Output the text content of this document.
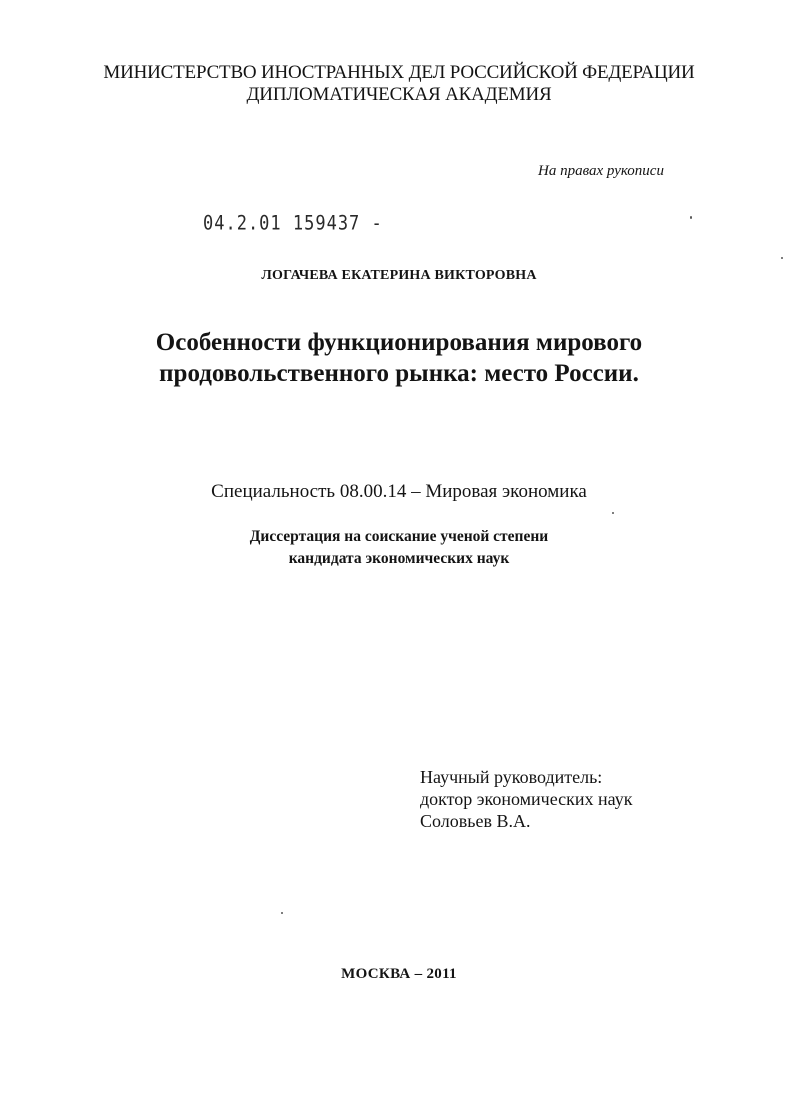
МИНИСТЕРСТВО ИНОСТРАННЫХ ДЕЛ РОССИЙСКОЙ ФЕДЕРАЦИИ
ДИПЛОМАТИЧЕСКАЯ АКАДЕМИЯ
На правах рукописи
04.2.01 159437 -
ЛОГАЧЕВА ЕКАТЕРИНА ВИКТОРОВНА
Особенности функционирования мирового
продовольственного рынка: место России.
Специальность 08.00.14 – Мировая экономика
Диссертация на соискание ученой степени
кандидата экономических наук
Научный руководитель:
доктор экономических наук
Соловьев В.А.
МОСКВА – 2011
